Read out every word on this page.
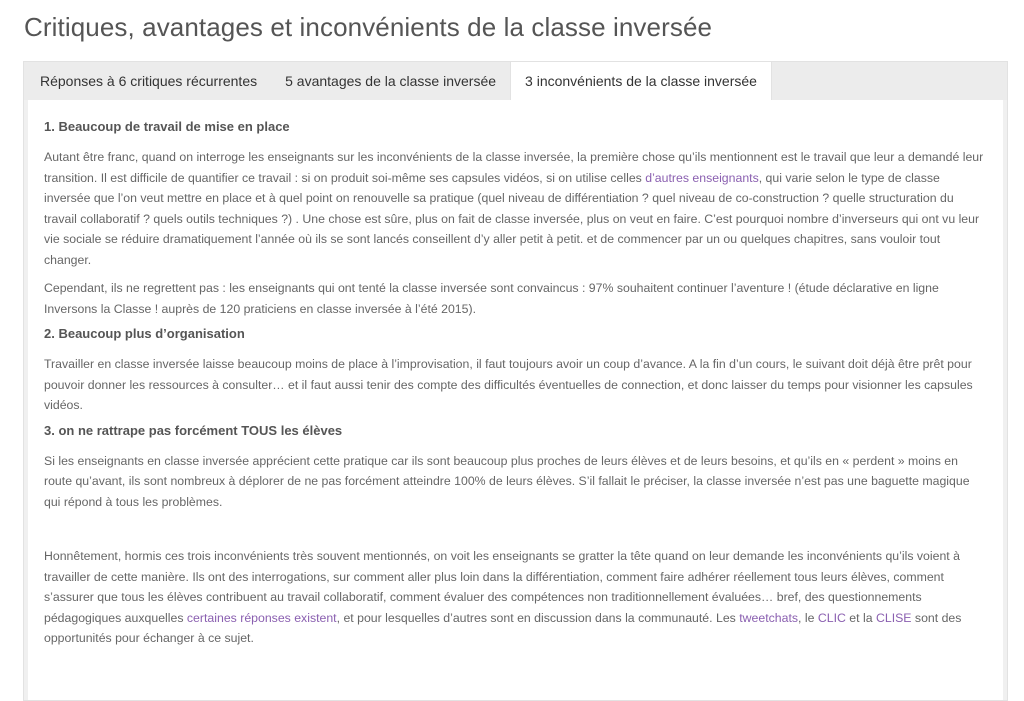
Critiques, avantages et inconvénients de la classe inversée
Réponses à 6 critiques récurrentes	5 avantages de la classe inversée	3 inconvénients de la classe inversée
1. Beaucoup de travail de mise en place

Autant être franc, quand on interroge les enseignants sur les inconvénients de la classe inversée, la première chose qu’ils mentionnent est le travail que leur a demandé leur transition. Il est difficile de quantifier ce travail : si on produit soi-même ses capsules vidéos, si on utilise celles d’autres enseignants, qui varie selon le type de classe inversée que l’on veut mettre en place et à quel point on renouvelle sa pratique (quel niveau de différentiation ? quel niveau de co-construction ? quelle structuration du travail collaboratif ? quels outils techniques ?) . Une chose est sûre, plus on fait de classe inversée, plus on veut en faire. C’est pourquoi nombre d’inverseurs qui ont vu leur vie sociale se réduire dramatiquement l’année où ils se sont lancés conseillent d’y aller petit à petit. et de commencer par un ou quelques chapitres, sans vouloir tout changer.

Cependant, ils ne regrettent pas : les enseignants qui ont tenté la classe inversée sont convaincus : 97% souhaitent continuer l’aventure ! (étude déclarative en ligne Inversons la Classe ! auprès de 120 praticiens en classe inversée à l’été 2015).

2. Beaucoup plus d’organisation

Travailler en classe inversée laisse beaucoup moins de place à l’improvisation, il faut toujours avoir un coup d’avance. A la fin d’un cours, le suivant doit déjà être prêt pour pouvoir donner les ressources à consulter… et il faut aussi tenir des compte des difficultés éventuelles de connection, et donc laisser du temps pour visionner les capsules vidéos.

3. on ne rattrape pas forcément TOUS les élèves

Si les enseignants en classe inversée apprécient cette pratique car ils sont beaucoup plus proches de leurs élèves et de leurs besoins, et qu’ils en « perdent » moins en route qu’avant, ils sont nombreux à déplorer de ne pas forcément atteindre 100% de leurs élèves. S’il fallait le préciser, la classe inversée n’est pas une baguette magique qui répond à tous les problèmes.

Honnêtement, hormis ces trois inconvénients très souvent mentionnés, on voit les enseignants se gratter la tête quand on leur demande les inconvénients qu’ils voient à travailler de cette manière. Ils ont des interrogations, sur comment aller plus loin dans la différentiation, comment faire adhérer réellement tous leurs élèves, comment s’assurer que tous les élèves contribuent au travail collaboratif, comment évaluer des compétences non traditionnellement évaluées… bref, des questionnements pédagogiques auxquelles certaines réponses existent, et pour lesquelles d’autres sont en discussion dans la communauté. Les tweetchats, le CLIC et la CLISE sont des opportunités pour échanger à ce sujet.
